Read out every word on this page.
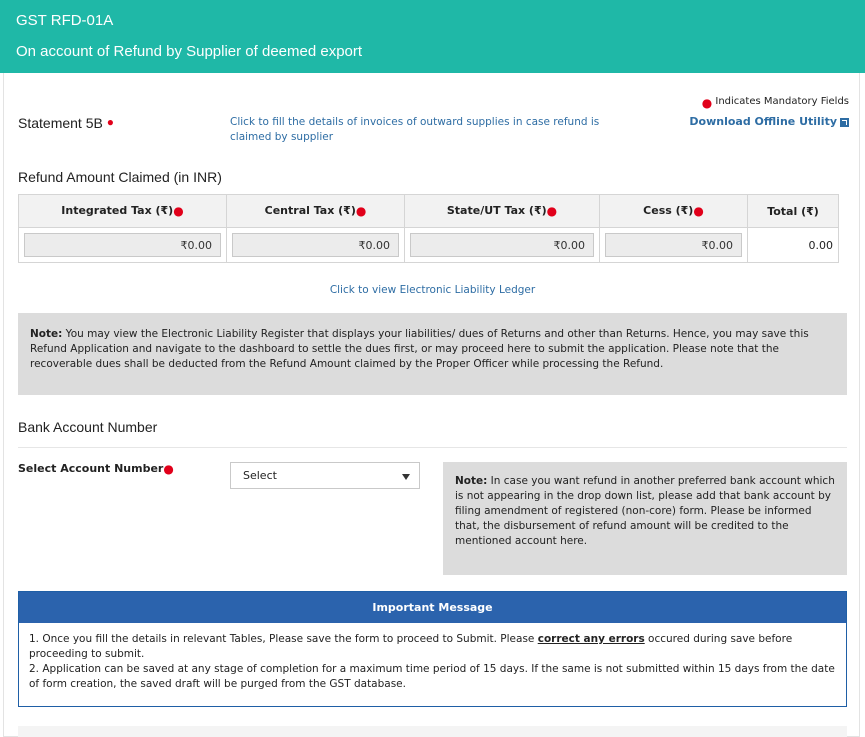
GST RFD-01A
On account of Refund by Supplier of deemed export
● Indicates Mandatory Fields
Download Offline Utility
Statement 5B ●	Click to fill the details of invoices of outward supplies in case refund is claimed by supplier
Refund Amount Claimed (in INR)
Integrated Tax (₹)●	Central Tax (₹)●	State/UT Tax (₹)●	Cess (₹)●	Total (₹)

₹0.00	₹0.00	₹0.00	₹0.00	0.00
Click to view Electronic Liability Ledger
Note: You may view the Electronic Liability Register that displays your liabilities/ dues of Returns and other than Returns. Hence, you may save this Refund Application and navigate to the dashboard to settle the dues first, or may proceed here to submit the application. Please note that the recoverable dues shall be deducted from the Refund Amount claimed by the Proper Officer while processing the Refund.
Bank Account Number
Select Account Number●	Select	Note: In case you want refund in another preferred bank account which is not appearing in the drop down list, please add that bank account by filing amendment of registered (non-core) form. Please be informed that, the disbursement of refund amount will be credited to the mentioned account here.
Important Message
1. Once you fill the details in relevant Tables, Please save the form to proceed to Submit. Please correct any errors occured during save before proceeding to submit.
2. Application can be saved at any stage of completion for a maximum time period of 15 days. If the same is not submitted within 15 days from the date of form creation, the saved draft will be purged from the GST database.
